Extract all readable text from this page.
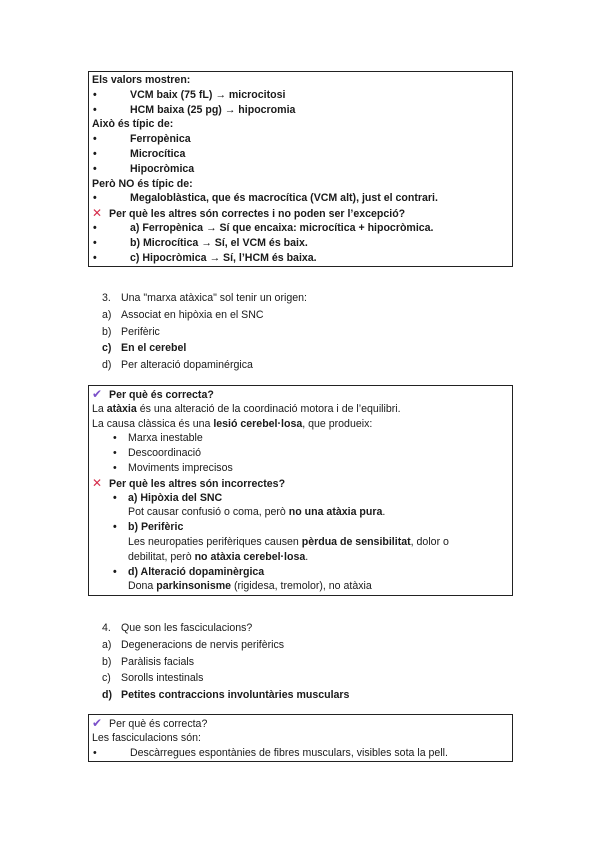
Els valors mostren:
•	VCM baix (75 fL) → microcitosi
•	HCM baixa (25 pg) → hipocromia
Això és típic de:
•	Ferropènica
•	Microcítica
•	Hipocròmica
Però NO és típic de:
•	Megaloblàstica, que és macrocítica (VCM alt), just el contrari.
✕ Per què les altres són correctes i no poden ser l’excepció?
•	a) Ferropènica → Sí que encaixa: microcítica + hipocròmica.
•	b) Microcítica → Sí, el VCM és baix.
•	c) Hipocròmica → Sí, l’HCM és baixa.
3. Una "marxa atàxica" sol tenir un origen:
a) Associat en hipòxia en el SNC
b) Perifèric
c) En el cerebel
d) Per alteració dopaminérgica
✔ Per què és correcta?
La atàxia és una alteració de la coordinació motora i de l’equilibri.
La causa clàssica és una lesió cerebel·losa, que produeix:
• Marxa inestable
• Descoordinació
• Moviments imprecisos
✕ Per què les altres són incorrectes?
• a) Hipòxia del SNC
Pot causar confusió o coma, però no una atàxia pura.
• b) Perifèric
Les neuropaties perifèriques causen pèrdua de sensibilitat, dolor o
debilitat, però no atàxia cerebel·losa.
• d) Alteració dopaminèrgica
Dona parkinsonisme (rigidesa, tremolor), no atàxia
4. Que son les fasciculacions?
a) Degeneracions de nervis perifèrics
b) Paràlisis facials
c) Sorolls intestinals
d) Petites contraccions involuntàries musculars
✔ Per què és correcta?
Les fasciculacions són:
•	Descàrregues espontànies de fibres musculars, visibles sota la pell.
